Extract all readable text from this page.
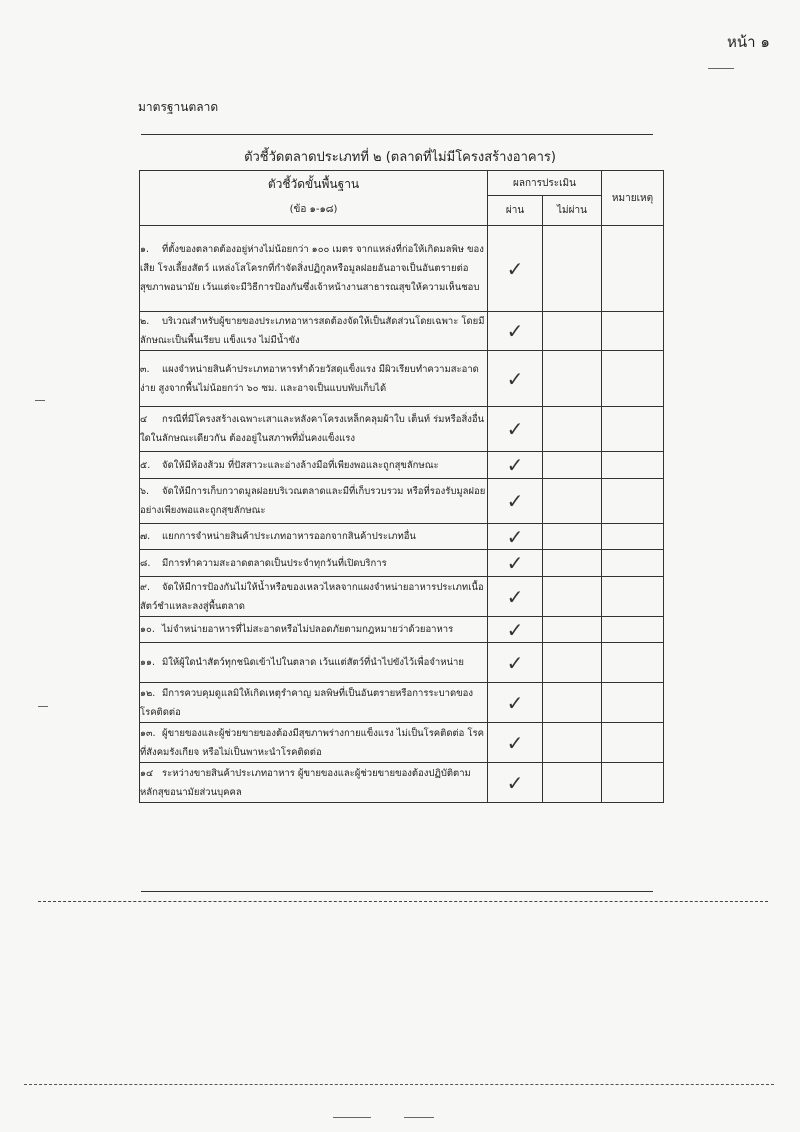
หน้า ๑
มาตรฐานตลาด
ตัวชี้วัดตลาดประเภทที่ ๒ (ตลาดที่ไม่มีโครงสร้างอาคาร)
ตัวชี้วัดขั้นพื้นฐาน
(ข้อ ๑-๑๘)	ผลการประเมิน		หมายเหตุ
	ผ่าน	ไม่ผ่าน	
๑. ที่ตั้งของตลาดต้องอยู่ห่างไม่น้อยกว่า ๑๐๐ เมตร จากแหล่งที่ก่อให้เกิดมลพิษ ของเสีย โรงเลี้ยงสัตว์ แหล่งโสโครกที่กำจัดสิ่งปฏิกูลหรือมูลฝอยอันอาจเป็นอันตรายต่อสุขภาพอนามัย เว้นแต่จะมีวิธีการป้องกันซึ่งเจ้าหน้างานสาธารณสุขให้ความเห็นชอบ	✓		
๒. บริเวณสำหรับผู้ขายของประเภทอาหารสดต้องจัดให้เป็นสัดส่วนโดยเฉพาะ โดยมีลักษณะเป็นพื้นเรียบ แข็งแรง ไม่มีน้ำขัง	✓		
๓. แผงจำหน่ายสินค้าประเภทอาหารทำด้วยวัสดุแข็งแรง มีผิวเรียบทำความสะอาดง่าย สูงจากพื้นไม่น้อยกว่า ๖๐ ซม. และอาจเป็นแบบพับเก็บได้	✓		
๔ กรณีที่มีโครงสร้างเฉพาะเสาและหลังคาโครงเหล็กคลุมผ้าใบ เต็นท์ ร่มหรือสิ่งอื่นใดในลักษณะเดียวกัน ต้องอยู่ในสภาพที่มั่นคงแข็งแรง	✓		
๕. จัดให้มีห้องส้วม ที่ปัสสาวะและอ่างล้างมือที่เพียงพอและถูกสุขลักษณะ	✓		
๖. จัดให้มีการเก็บกวาดมูลฝอยบริเวณตลาดและมีที่เก็บรวบรวม หรือที่รองรับมูลฝอยอย่างเพียงพอและถูกสุขลักษณะ	✓		
๗. แยกการจำหน่ายสินค้าประเภทอาหารออกจากสินค้าประเภทอื่น	✓		
๘. มีการทำความสะอาดตลาดเป็นประจำทุกวันที่เปิดบริการ	✓		
๙. จัดให้มีการป้องกันไม่ให้น้ำหรือของเหลวไหลจากแผงจำหน่ายอาหารประเภทเนื้อสัตว์ชำแหละลงสู่พื้นตลาด	✓		
๑๐. ไม่จำหน่ายอาหารที่ไม่สะอาดหรือไม่ปลอดภัยตามกฎหมายว่าด้วยอาหาร	✓		
๑๑. มิให้ผู้ใดนำสัตว์ทุกชนิดเข้าไปในตลาด เว้นแต่สัตว์ที่นำไปขังไว้เพื่อจำหน่าย	✓		
๑๒. มีการควบคุมดูแลมิให้เกิดเหตุรำคาญ มลพิษที่เป็นอันตรายหรือการระบาดของโรคติดต่อ	✓		
๑๓. ผู้ขายของและผู้ช่วยขายของต้องมีสุขภาพร่างกายแข็งแรง ไม่เป็นโรคติดต่อ โรคที่สังคมรังเกียจ หรือไม่เป็นพาหะนำโรคติดต่อ	✓		
๑๔ ระหว่างขายสินค้าประเภทอาหาร ผู้ขายของและผู้ช่วยขายของต้องปฏิบัติตามหลักสุขอนามัยส่วนบุคคล	✓		
